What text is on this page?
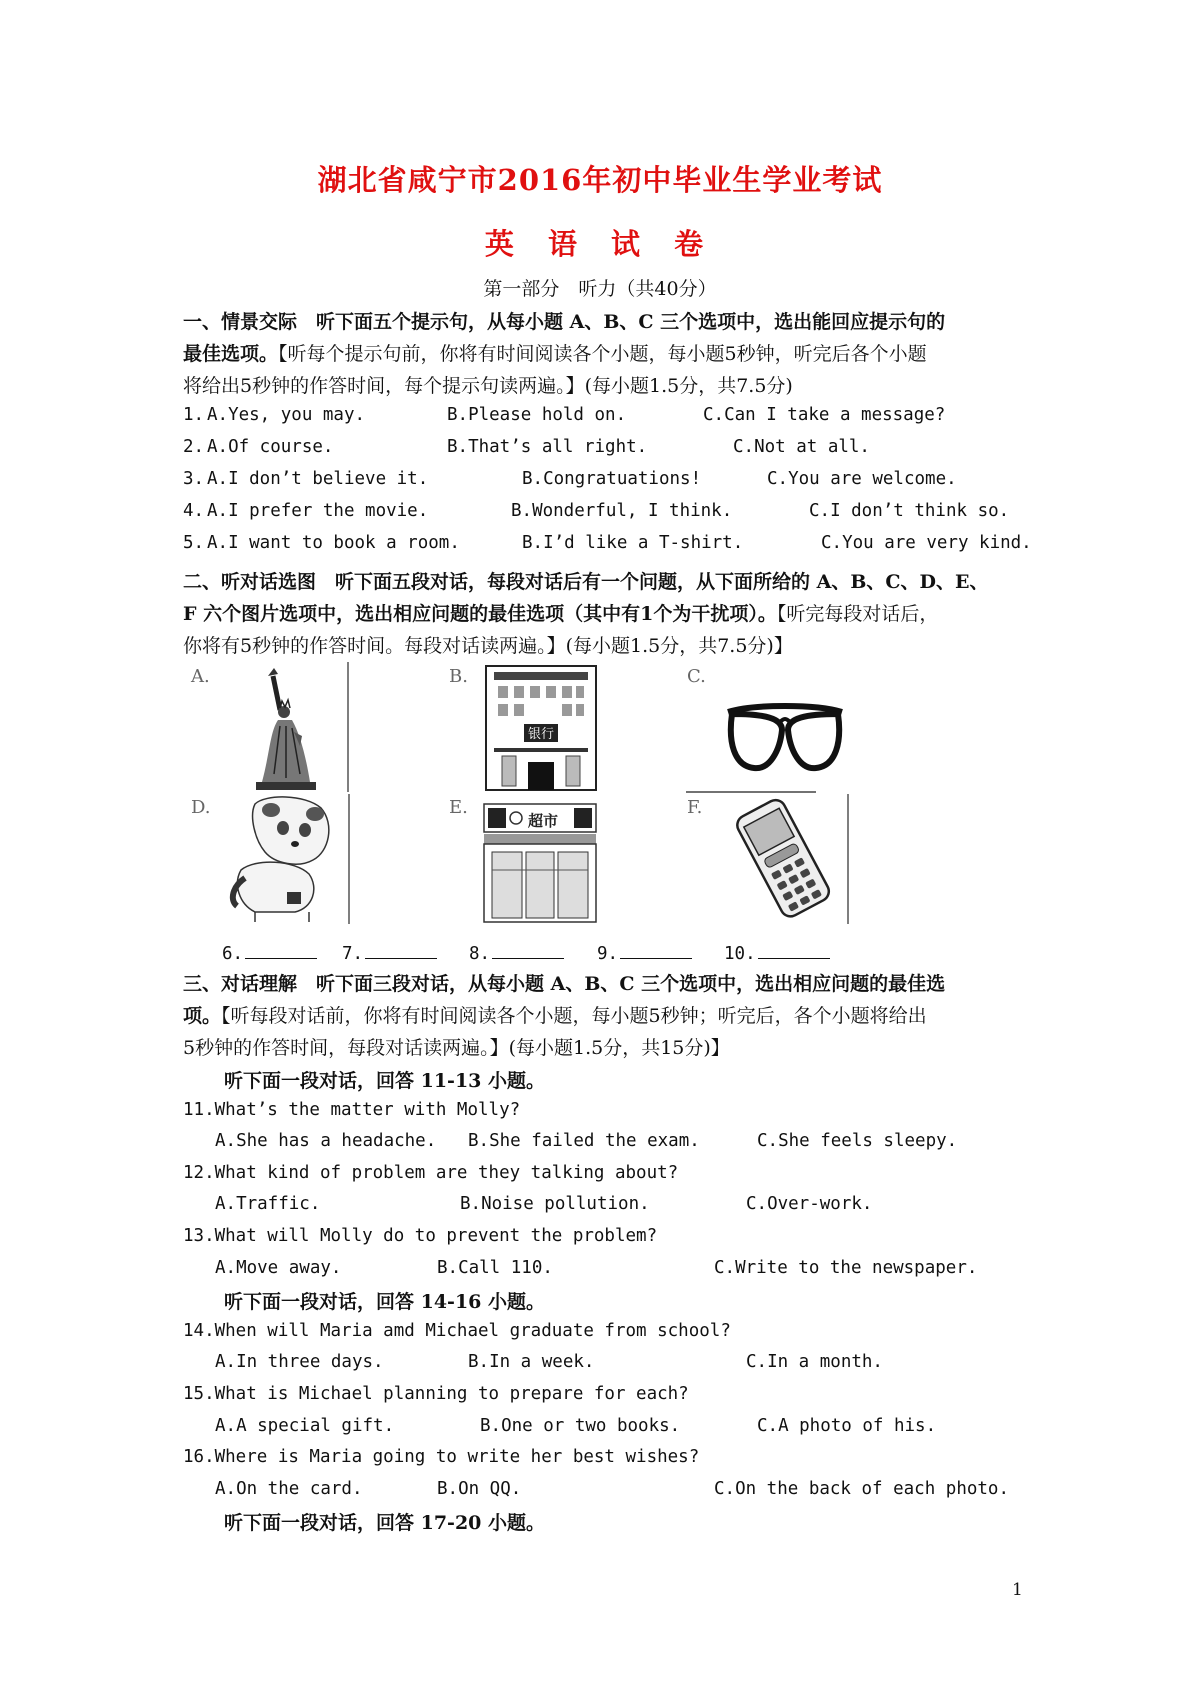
湖北省咸宁市2016年初中毕业生学业考试
英 语 试 卷
第一部分　听力（共40分）
一、情景交际　听下面五个提示句，从每小题 A、B、C 三个选项中，选出能回应提示句的
最佳选项。【听每个提示句前，你将有时间阅读各个小题，每小题5秒钟，听完后各个小题
将给出5秒钟的作答时间，每个提示句读两遍。】(每小题1.5分，共7.5分)
1. A.Yes, you may.	B.Please hold on.	C.Can I take a message?
2. A.Of course.	B.That’s all right.	C.Not at all.
3. A.I don’t believe it.	B.Congratuations!	C.You are welcome.
4. A.I prefer the movie.	B.Wonderful, I think.	C.I don’t think so.
5. A.I want to book a room.	B.I’d like a T-shirt.	C.You are very kind.
二、听对话选图　听下面五段对话，每段对话后有一个问题，从下面所给的 A、B、C、D、E、
F 六个图片选项中，选出相应问题的最佳选项（其中有1个为干扰项）。【听完每段对话后，
你将有5秒钟的作答时间。每段对话读两遍。】(每小题1.5分，共7.5分)】
A.	B.	C.
D.	E.	F.
银行
超市
6.	7.	8.	9.	10.
三、对话理解　听下面三段对话，从每小题 A、B、C 三个选项中，选出相应问题的最佳选
项。【听每段对话前，你将有时间阅读各个小题，每小题5秒钟；听完后，各个小题将给出
5秒钟的作答时间，每段对话读两遍。】(每小题1.5分，共15分)】
听下面一段对话，回答 11-13 小题。
11.What’s the matter with Molly?
A.She has a headache. B.She failed the exam.	C.She feels sleepy.
12.What kind of problem are they talking about?
A.Traffic.	B.Noise pollution.	C.Over-work.
13.What will Molly do to prevent the problem?
A.Move away.	B.Call 110.	C.Write to the newspaper.
听下面一段对话，回答 14-16 小题。
14.When will Maria amd Michael graduate from school?
A.In three days.	B.In a week.	C.In a month.
15.What is Michael planning to prepare for each?
A.A special gift.	B.One or two books.	C.A photo of his.
16.Where is Maria going to write her best wishes?
A.On the card.	B.On QQ.	C.On the back of each photo.
听下面一段对话，回答 17-20 小题。
1
